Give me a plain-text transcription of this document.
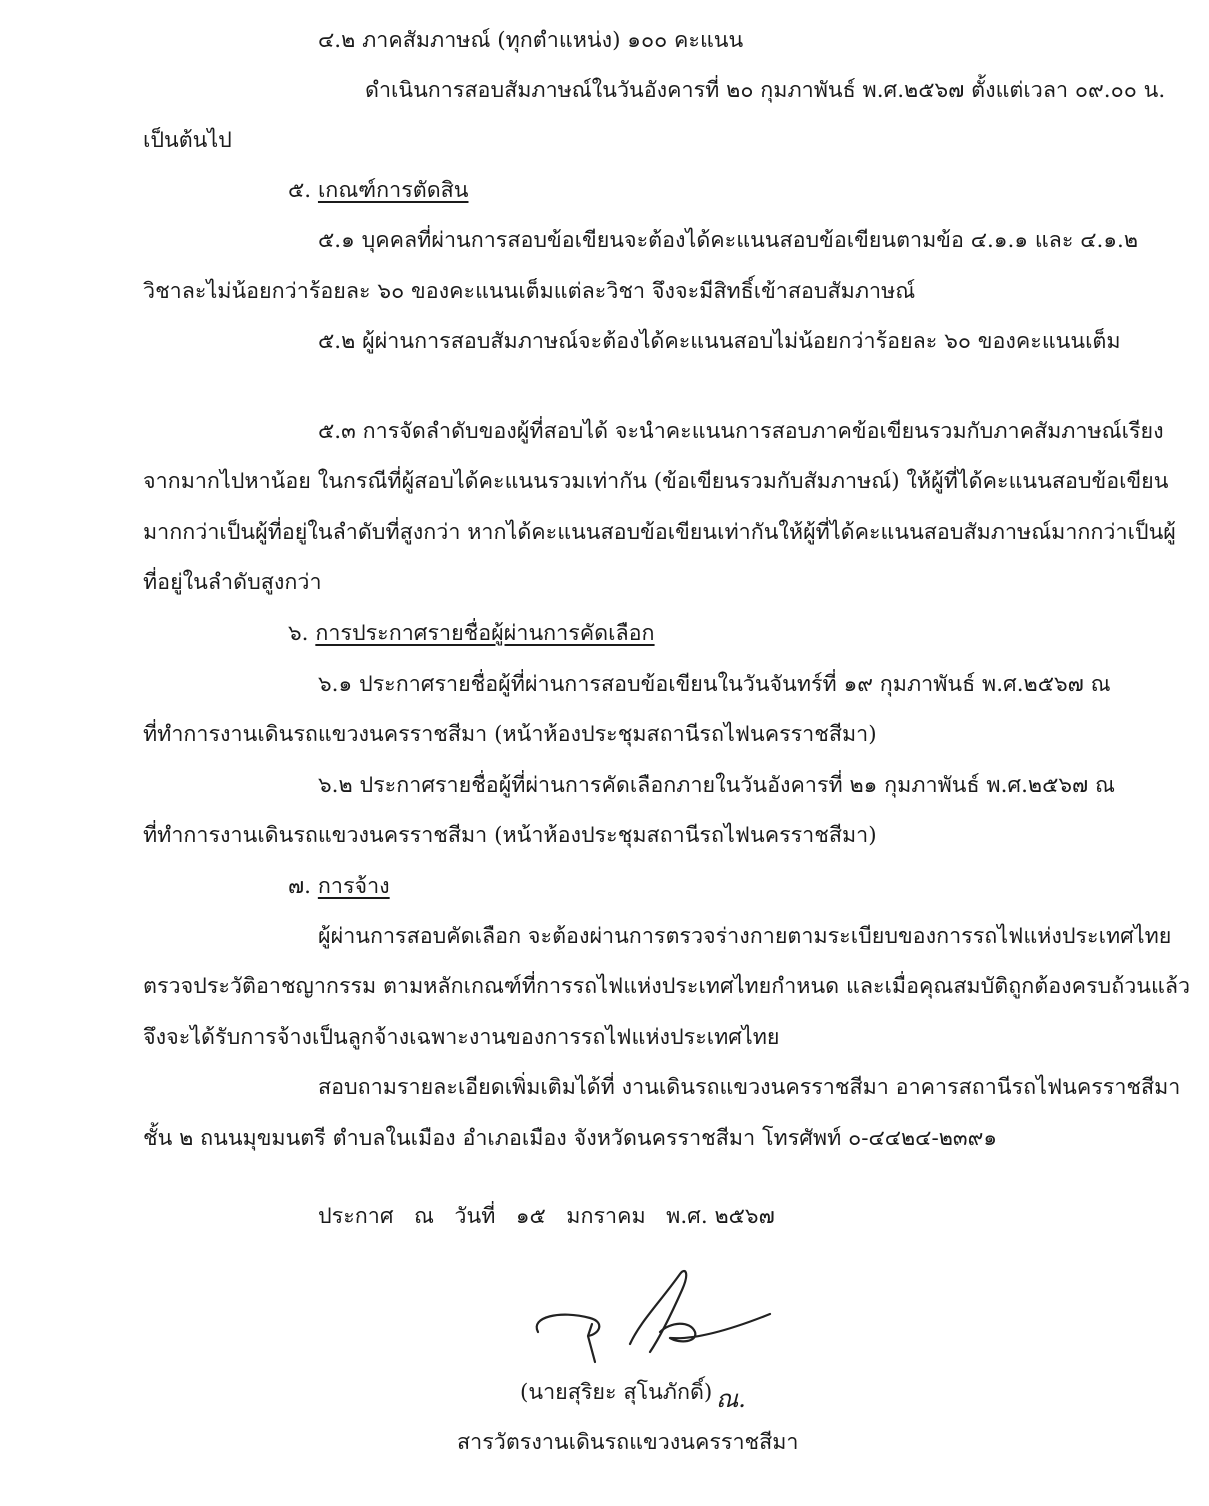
๔.๒ ภาคสัมภาษณ์ (ทุกตำแหน่ง) ๑๐๐ คะแนน
ดำเนินการสอบสัมภาษณ์ในวันอังคารที่ ๒๐ กุมภาพันธ์ พ.ศ.๒๕๖๗ ตั้งแต่เวลา ๐๙.๐๐ น.
เป็นต้นไป
๕. เกณฑ์การตัดสิน
๕.๑ บุคคลที่ผ่านการสอบข้อเขียนจะต้องได้คะแนนสอบข้อเขียนตามข้อ ๔.๑.๑ และ ๔.๑.๒
วิชาละไม่น้อยกว่าร้อยละ ๖๐ ของคะแนนเต็มแต่ละวิชา จึงจะมีสิทธิ์เข้าสอบสัมภาษณ์
๕.๒ ผู้ผ่านการสอบสัมภาษณ์จะต้องได้คะแนนสอบไม่น้อยกว่าร้อยละ ๖๐ ของคะแนนเต็ม
๕.๓ การจัดลำดับของผู้ที่สอบได้ จะนำคะแนนการสอบภาคข้อเขียนรวมกับภาคสัมภาษณ์เรียง
จากมากไปหาน้อย ในกรณีที่ผู้สอบได้คะแนนรวมเท่ากัน (ข้อเขียนรวมกับสัมภาษณ์) ให้ผู้ที่ได้คะแนนสอบข้อเขียน
มากกว่าเป็นผู้ที่อยู่ในลำดับที่สูงกว่า หากได้คะแนนสอบข้อเขียนเท่ากันให้ผู้ที่ได้คะแนนสอบสัมภาษณ์มากกว่าเป็นผู้
ที่อยู่ในลำดับสูงกว่า
๖. การประกาศรายชื่อผู้ผ่านการคัดเลือก
๖.๑ ประกาศรายชื่อผู้ที่ผ่านการสอบข้อเขียนในวันจันทร์ที่ ๑๙ กุมภาพันธ์ พ.ศ.๒๕๖๗ ณ
ที่ทำการงานเดินรถแขวงนครราชสีมา (หน้าห้องประชุมสถานีรถไฟนครราชสีมา)
๖.๒ ประกาศรายชื่อผู้ที่ผ่านการคัดเลือกภายในวันอังคารที่ ๒๑ กุมภาพันธ์ พ.ศ.๒๕๖๗ ณ
ที่ทำการงานเดินรถแขวงนครราชสีมา (หน้าห้องประชุมสถานีรถไฟนครราชสีมา)
๗. การจ้าง
ผู้ผ่านการสอบคัดเลือก จะต้องผ่านการตรวจร่างกายตามระเบียบของการรถไฟแห่งประเทศไทย
ตรวจประวัติอาชญากรรม ตามหลักเกณฑ์ที่การรถไฟแห่งประเทศไทยกำหนด และเมื่อคุณสมบัติถูกต้องครบถ้วนแล้ว
จึงจะได้รับการจ้างเป็นลูกจ้างเฉพาะงานของการรถไฟแห่งประเทศไทย
สอบถามรายละเอียดเพิ่มเติมได้ที่ งานเดินรถแขวงนครราชสีมา อาคารสถานีรถไฟนครราชสีมา
ชั้น ๒ ถนนมุขมนตรี ตำบลในเมือง อำเภอเมือง จังหวัดนครราชสีมา โทรศัพท์ ๐-๔๔๒๔-๒๓๙๑
ประกาศ   ณ   วันที่   ๑๕   มกราคม   พ.ศ. ๒๕๖๗
(นายสุริยะ สุโนภักดิ์) ณ.
สารวัตรงานเดินรถแขวงนครราชสีมา
